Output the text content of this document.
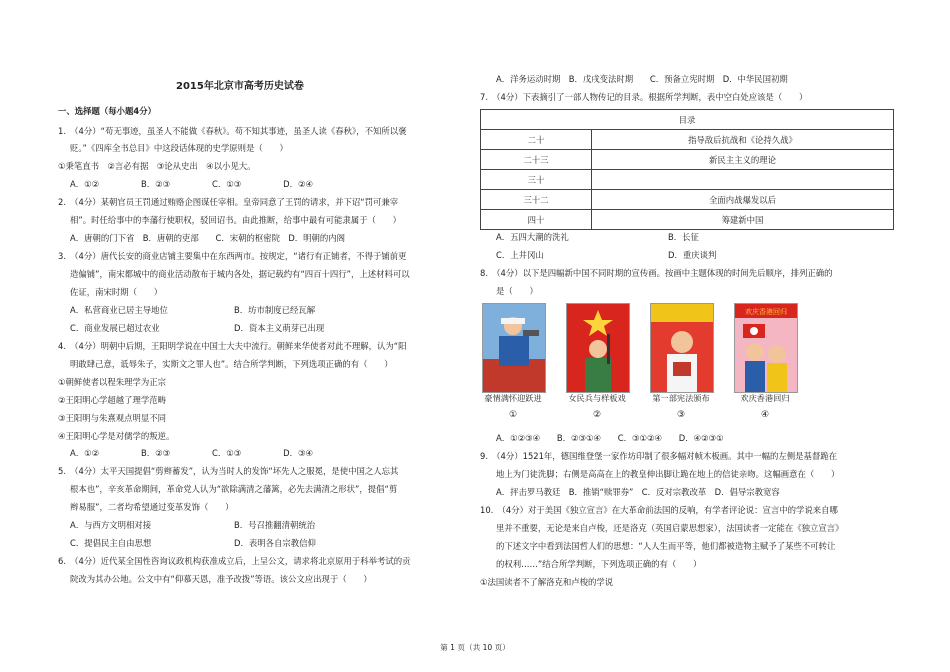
2015年北京市高考历史试卷
一、选择题（每小题4分）
1.　（4分）“苟无事迹，虽圣人不能做《春秋》。苟不知其事迹，虽圣人读《春秋》，不知所以褒
贬。”《四库全书总目》中这段话体现的史学原则是（　　）
①秉笔直书　②言必有据　③论从史出　④以小见大。
A．①②　　　　　B．②③　　　　　C．①③　　　　　D．②④
2.　（4分）某朝官员王罚通过贿赂企图谋任宰相。皇帝同意了王罚的请求，并下诏“罚可兼宰
相”。时任给事中的李藩行使职权，驳回诏书。由此推断，给事中最有可能隶属于（　　）
A．唐朝的门下省　B．唐朝的吏部　　C．宋朝的枢密院　D．明朝的内阁
3.　（4分）唐代长安的商业店铺主要集中在东西两市。按规定，“诸行有正铺者，不得于铺前更
造偏铺”，南宋都城中的商业活动散布于城内各处，据记载约有“四百十四行”，上述材料可以
佐证，南宋时期（　　）
A．私营商业已居主导地位	B．坊市制度已经瓦解
C．商业发展已超过农业	D．资本主义萌芽已出现
4.　（4分）明朝中后期，王阳明学说在中国士大夫中流行。朝鲜来华使者对此不理解，认为“阳
明敢肆己意，诋辱朱子，实斯文之罪人也”。结合所学判断，下列选项正确的有（　　）
①朝鲜使者以程朱理学为正宗
②王阳明心学超越了理学范畴
③王阳明与朱熹观点明显不同
④王阳明心学是对儒学的叛逆。
A．①②　　　　　B．②③　　　　　C．①③　　　　　D．③④
5.　（4分）太平天国提倡“剪辫蓄发”，认为当时人的发饰“坏先人之服冕，是使中国之人忘其
根本也”，辛亥革命期间，革命党人认为“欲除满清之藩篱，必先去满清之形状”，提倡“剪
辫易服”，二者均希望通过变革发饰（　　）
A．与西方文明相对接	B．号召推翻清朝统治
C．提倡民主自由思想	D．表明各自宗教信仰
6.　（4分）近代某全国性咨询议政机构获准成立后，上呈公文，请求将北京原用于科举考试的贡
院改为其办公地。公文中有“仰慕天恩，准予改拨”等语。该公文应出现于（　　）
A．洋务运动时期　B．戊戌变法时期　　C．预备立宪时期　D．中华民国初期
7.　（4分）下表摘引了一部人物传记的目录。根据所学判断，表中空白处应该是（　　）
目录	
二十	指导敌后抗战和《论持久战》
二十三	新民主主义的理论
三十	
三十二	全面内战爆发以后
四十	筹建新中国
A．五四大潮的洗礼	B．长征
C．上井冈山	D．重庆谈判
8.　（4分）以下是四幅新中国不同时期的宣传画。按画中主题体现的时间先后顺序，排列正确的
是（　　）
欢庆香港回归
豪情满怀迎跃进	女民兵与样板戏	第一部宪法颁布	欢庆香港回归
①	②	③	④
A．①②③④　　B．②③①④　　C．③①②④　　D．④②③①
9.　（4分）1521年，德国维登堡一家作坊印制了很多幅对帧木板画。其中一幅的左侧是基督跪在
地上为门徒洗脚；右侧是高高在上的教皇伸出脚让跪在地上的信徒亲吻。这幅画意在（　　）
A．抨击罗马教廷　B．推销“赎罪券”　C．反对宗教改革　D．倡导宗教宽容
10.　（4分）对于美国《独立宣言》在大革命前法国的反响，有学者评论说：宣言中的学说来自哪
里并不重要，无论是来自卢梭，还是洛克（英国启蒙思想家），法国读者一定能在《独立宣言》
的下述文字中看到法国哲人们的思想：“人人生而平等，他们都被造物主赋予了某些不可转让
的权利……”结合所学判断，下列选项正确的有（　　）
①法国读者不了解洛克和卢梭的学说
第 1 页（共 10 页）
